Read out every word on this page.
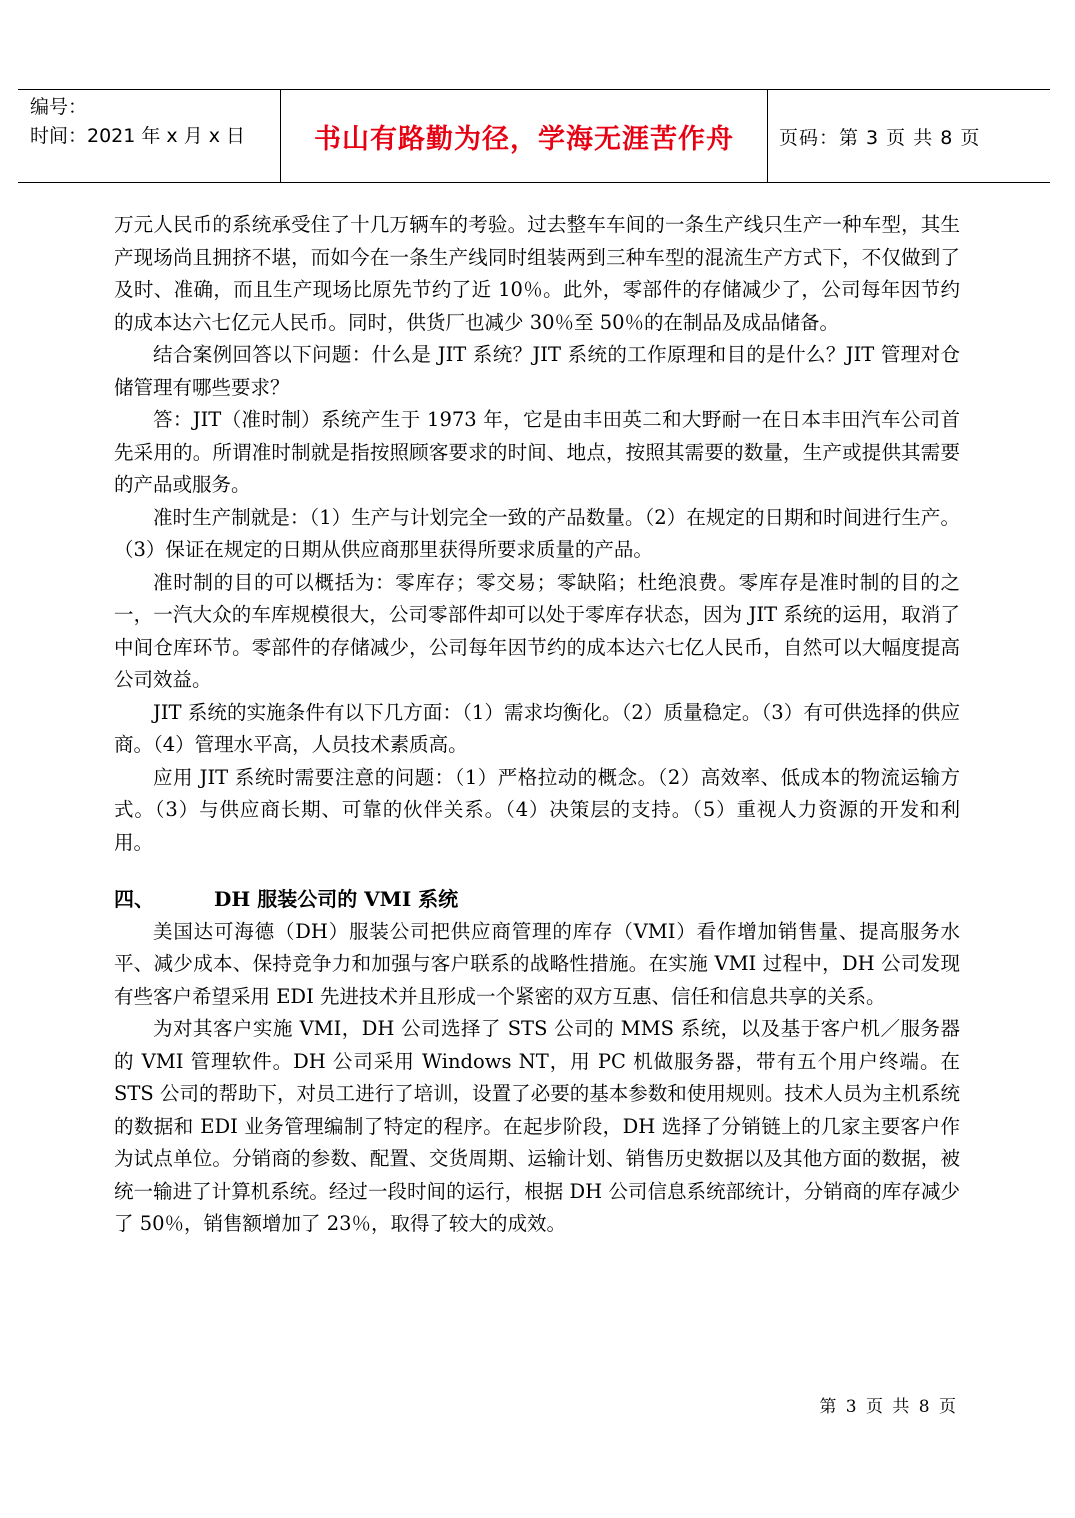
编号：
时间：2021 年 x 月 x 日	书山有路勤为径，学海无涯苦作舟	页码：第 3 页 共 8 页

万元人民币的系统承受住了十几万辆车的考验。过去整车车间的一条生产线只生产一种车型，其生产现场尚且拥挤不堪，而如今在一条生产线同时组装两到三种车型的混流生产方式下，不仅做到了及时、准确，而且生产现场比原先节约了近 10％。此外，零部件的存储减少了，公司每年因节约的成本达六七亿元人民币。同时，供货厂也减少 30％至 50％的在制品及成品储备。

结合案例回答以下问题：什么是 JIT 系统？JIT 系统的工作原理和目的是什么？JIT 管理对仓储管理有哪些要求？

答：JIT（准时制）系统产生于 1973 年，它是由丰田英二和大野耐一在日本丰田汽车公司首先采用的。所谓准时制就是指按照顾客要求的时间、地点，按照其需要的数量，生产或提供其需要的产品或服务。

准时生产制就是：（1）生产与计划完全一致的产品数量。（2）在规定的日期和时间进行生产。（3）保证在规定的日期从供应商那里获得所要求质量的产品。

准时制的目的可以概括为：零库存；零交易；零缺陷；杜绝浪费。零库存是准时制的目的之一，一汽大众的车库规模很大，公司零部件却可以处于零库存状态，因为 JIT 系统的运用，取消了中间仓库环节。零部件的存储减少，公司每年因节约的成本达六七亿人民币，自然可以大幅度提高公司效益。

JIT 系统的实施条件有以下几方面：（1）需求均衡化。（2）质量稳定。（3）有可供选择的供应商。（4）管理水平高，人员技术素质高。

应用 JIT 系统时需要注意的问题：（1）严格拉动的概念。（2）高效率、低成本的物流运输方式。（3）与供应商长期、可靠的伙伴关系。（4）决策层的支持。（5）重视人力资源的开发和利用。

四、	DH 服装公司的 VMI 系统

美国达可海德（DH）服装公司把供应商管理的库存（VMI）看作增加销售量、提高服务水平、减少成本、保持竞争力和加强与客户联系的战略性措施。在实施 VMI 过程中，DH 公司发现有些客户希望采用 EDI 先进技术并且形成一个紧密的双方互惠、信任和信息共享的关系。

为对其客户实施 VMI，DH 公司选择了 STS 公司的 MMS 系统，以及基于客户机／服务器的 VMI 管理软件。DH 公司采用 Windows NT，用 PC 机做服务器，带有五个用户终端。在 STS 公司的帮助下，对员工进行了培训，设置了必要的基本参数和使用规则。技术人员为主机系统的数据和 EDI 业务管理编制了特定的程序。在起步阶段，DH 选择了分销链上的几家主要客户作为试点单位。分销商的参数、配置、交货周期、运输计划、销售历史数据以及其他方面的数据，被统一输进了计算机系统。经过一段时间的运行，根据 DH 公司信息系统部统计，分销商的库存减少了 50％，销售额增加了 23％，取得了较大的成效。

第 3 页 共 8 页
